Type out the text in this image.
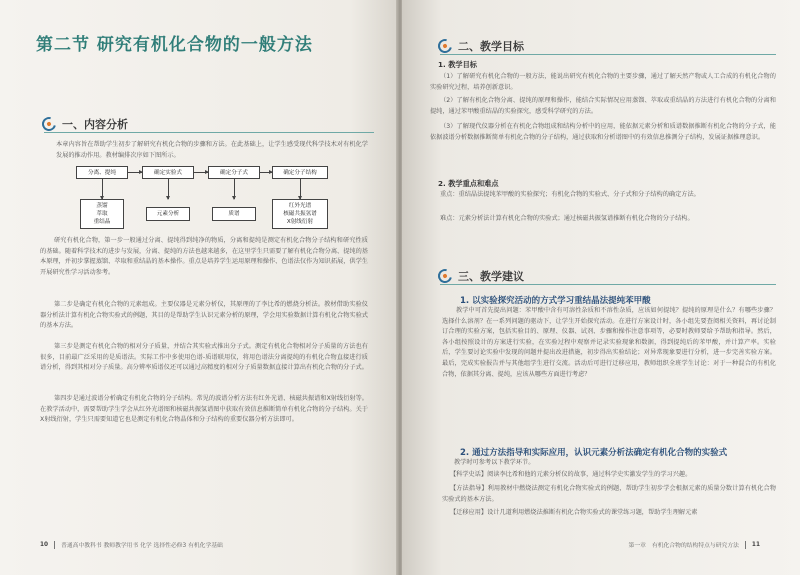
第二节 研究有机化合物的一般方法
一、内容分析
本章内容旨在帮助学生初步了解研究有机化合物的步骤和方法。在此基础上，让学生感受现代科学技术对有机化学发展的推动作用。教材编排次序如下图所示。
分离、提纯	确定实验式	确定分子式	确定分子结构
蒸馏
萃取
重结晶
元素分析	质谱
红外光谱
核磁共振氢谱
X射线衍射
研究有机化合物，第一步一般通过分离、提纯得到纯净的物质，分离和提纯是测定有机化合物分子结构和研究性质的基础。随着科学技术的进步与发展，分离、提纯的方法也越来越多，在这里学生只需要了解有机化合物分离、提纯的基本原理，并初步掌握蒸馏、萃取和重结晶的基本操作。重点是培养学生运用原理和操作、色谱法仅作为知识拓展，供学生开展研究性学习活动参考。
第二步是确定有机化合物的元素组成。主要仪器是元素分析仪，其原理的了李比希的燃烧分析法。教材借助实验仪器分析法计算有机化合物实验式的例题，其目的是帮助学生认识元素分析的原理，学会用实验数据计算有机化合物实验式的基本方法。
第三步是测定有机化合物的相对分子质量，并结合其实验式推出分子式。测定有机化合物相对分子质量的方法也有很多，目前最广泛采用的是质谱法。实际工作中多使用色谱-质谱联用仪，将用色谱法分离提纯的有机化合物直接进行质谱分析，得到其相对分子质量。高分辨率质谱仪还可以通过高精度的相对分子质量数据直接计算出有机化合物的分子式。
第四步是通过波谱分析确定有机化合物的分子结构。常见的波谱分析方法有红外光谱、核磁共振谱和X射线衍射等。在教学活动中，需要帮助学生学会从红外光谱图和核磁共振氢谱图中获取有效信息推断简单有机化合物的分子结构。关于X射线衍射，学生只需要知道它也是测定有机化合物晶体和分子结构的重要仪器分析方法即可。
10 普通高中教科书 教师教学用书 化学 选择性必修3 有机化学基础
二、教学目标
1. 教学目标
（1）了解研究有机化合物的一般方法，能说出研究有机化合物的主要步骤，通过了解天然产物或人工合成的有机化合物的实验研究过程，培养创新意识。
（2）了解有机化合物分离、提纯的原理和操作，能结合实际情况应用蒸馏、萃取或重结晶的方法进行有机化合物的分离和提纯，通过苯甲酸重结晶的实验探究，感受科学研究的方法。
（3）了解现代仪器分析在有机化合物组成和结构分析中的应用，能依据元素分析和质谱数据推断有机化合物的分子式，能依据波谱分析数据推断简单有机化合物的分子结构，通过获取和分析谱图中的有效信息推测分子结构，发展证据推理意识。
2. 教学重点和难点
重点：重结晶法提纯苯甲酸的实验探究；有机化合物的实验式、分子式和分子结构的确定方法。
难点：元素分析法计算有机化合物的实验式；通过核磁共振氢谱推断有机化合物的分子结构。
三、教学建议
1. 以实验探究活动的方式学习重结晶法提纯苯甲酸
教学中可首先提出问题：苯甲酸中含有可溶性杂质和不溶性杂质，应该如何提纯？提纯的原理是什么？有哪些步骤？选择什么溶剂？在一系列问题的驱动下，让学生开始探究活动。在进行方案设计时，各小组先要查阅相关资料，再讨论制订合理的实验方案，包括实验目的、原理、仪器、试剂、步骤和操作注意事项等，必要时教师要给予帮助和指导。然后，各小组按照设计的方案进行实验，在实验过程中观察并记录实验现象和数据，得到提纯后的苯甲酸，并计算产率。实验后，学生要讨论实验中发现的问题并提出改进措施，初步得出实验结论；对异常现象要进行分析，进一步完善实验方案。最后，完成实验报告并与其他组学生进行交流。活动后可进行迁移应用，教师组织全班学生讨论：对于一种混合的有机化合物，依据其分离、提纯，应该从哪些方面进行考虑？
2. 通过方法指导和实际应用，认识元素分析法确定有机化合物的实验式
教学时可参考以下教学环节。
【科学史话】阅读李比希和他的元素分析仪的故事，通过科学史实激发学生的学习兴趣。
【方法指导】利用教材中燃烧法测定有机化合物实验式的例题，帮助学生初步学会根据元素的质量分数计算有机化合物实验式的基本方法。
【迁移应用】设计几道利用燃烧法推断有机化合物实验式的课堂练习题，帮助学生理解元素
第一章 有机化合物的结构特点与研究方法 11
